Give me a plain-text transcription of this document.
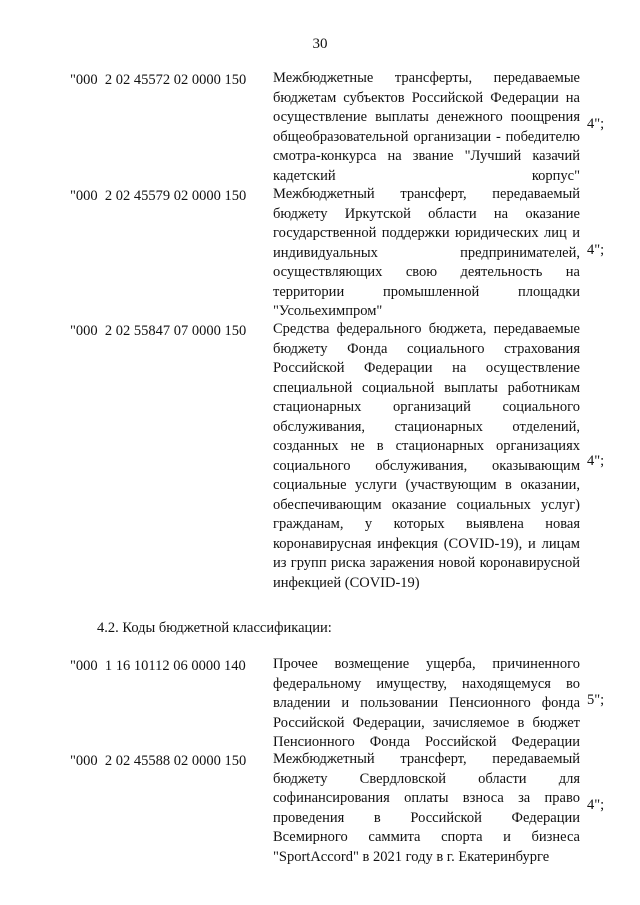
30
"000  2 02 45572 02 0000 150 Межбюджетные трансферты, передаваемые бюджетам субъектов Российской Федерации на осуществление выплаты денежного поощрения общеобразовательной организации - победителю смотра-конкурса на звание "Лучший казачий кадетский корпус"

4";
"000  2 02 45579 02 0000 150 Межбюджетный трансферт, передаваемый бюджету Иркутской области на оказание государственной поддержки юридических лиц и индивидуальных предпринимателей, осуществляющих свою деятельность на территории промышленной площадки "Усольехимпром"

4";
"000  2 02 55847 07 0000 150 Средства федерального бюджета, передаваемые бюджету Фонда социального страхования Российской Федерации на осуществление специальной социальной выплаты работникам стационарных организаций социального обслуживания, стационарных отделений, созданных не в стационарных организациях социального обслуживания, оказывающим социальные услуги (участвующим в оказании, обеспечивающим оказание социальных услуг) гражданам, у которых выявлена новая коронавирусная инфекция (COVID-19), и лицам из групп риска заражения новой коронавирусной инфекцией (COVID-19)

4";
4.2. Коды бюджетной классификации:
"000  1 16 10112 06 0000 140 Прочее возмещение ущерба, причиненного федеральному имуществу, находящемуся во владении и пользовании Пенсионного фонда Российской Федерации, зачисляемое в бюджет Пенсионного Фонда Российской Федерации

5";
"000  2 02 45588 02 0000 150 Межбюджетный трансферт, передаваемый бюджету Свердловской области для софинансирования оплаты взноса за право проведения в Российской Федерации Всемирного саммита спорта и бизнеса "SportAccord" в 2021 году в г. Екатеринбурге

4";
